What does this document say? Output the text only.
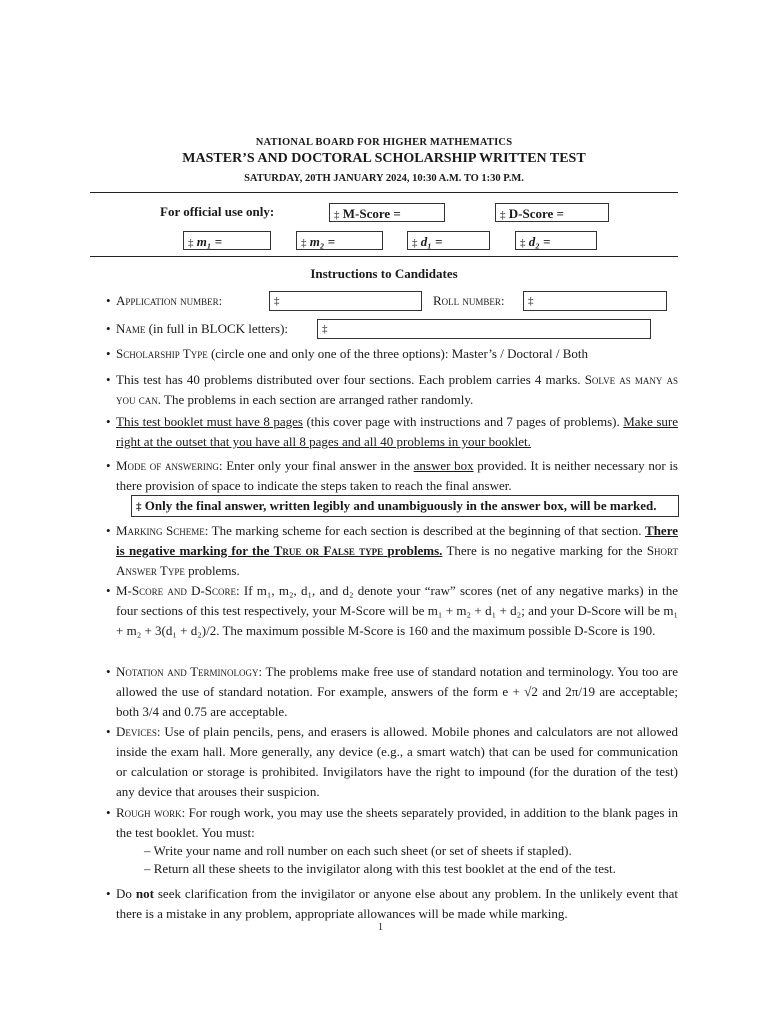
NATIONAL BOARD FOR HIGHER MATHEMATICS
MASTER’S AND DOCTORAL SCHOLARSHIP WRITTEN TEST
SATURDAY, 20TH JANUARY 2024, 10:30 A.M. TO 1:30 P.M.
For official use only:	‡ M-Score =	‡ D-Score =
‡ m₁ =	‡ m₂ =	‡ d₁ =	‡ d₂ =
Instructions to Candidates
• Application number:	‡	Roll number:	‡
• Name (in full in BLOCK letters):	‡
• Scholarship Type (circle one and only one of the three options): Master’s / Doctoral / Both
• This test has 40 problems distributed over four sections. Each problem carries 4 marks. Solve as many as you can. The problems in each section are arranged rather randomly.
• This test booklet must have 8 pages (this cover page with instructions and 7 pages of problems). Make sure right at the outset that you have all 8 pages and all 40 problems in your booklet.
• Mode of answering: Enter only your final answer in the answer box provided. It is neither necessary nor is there provision of space to indicate the steps taken to reach the final answer.
‡ Only the final answer, written legibly and unambiguously in the answer box, will be marked.
• Marking Scheme: The marking scheme for each section is described at the beginning of that section. There is negative marking for the True or False type problems. There is no negative marking for the Short Answer Type problems.
• M-Score and D-Score: If m₁, m₂, d₁, and d₂ denote your “raw” scores (net of any negative marks) in the four sections of this test respectively, your M-Score will be m₁ + m₂ + d₁ + d₂; and your D-Score will be m₁ + m₂ + 3(d₁ + d₂)/2. The maximum possible M-Score is 160 and the maximum possible D-Score is 190.
• Notation and Terminology: The problems make free use of standard notation and terminology. You too are allowed the use of standard notation. For example, answers of the form e + √2 and 2π/19 are acceptable; both 3/4 and 0.75 are acceptable.
• Devices: Use of plain pencils, pens, and erasers is allowed. Mobile phones and calculators are not allowed inside the exam hall. More generally, any device (e.g., a smart watch) that can be used for communication or calculation or storage is prohibited. Invigilators have the right to impound (for the duration of the test) any device that arouses their suspicion.
• Rough work: For rough work, you may use the sheets separately provided, in addition to the blank pages in the test booklet. You must:
– Write your name and roll number on each such sheet (or set of sheets if stapled).
– Return all these sheets to the invigilator along with this test booklet at the end of the test.
• Do not seek clarification from the invigilator or anyone else about any problem. In the unlikely event that there is a mistake in any problem, appropriate allowances will be made while marking.
1
